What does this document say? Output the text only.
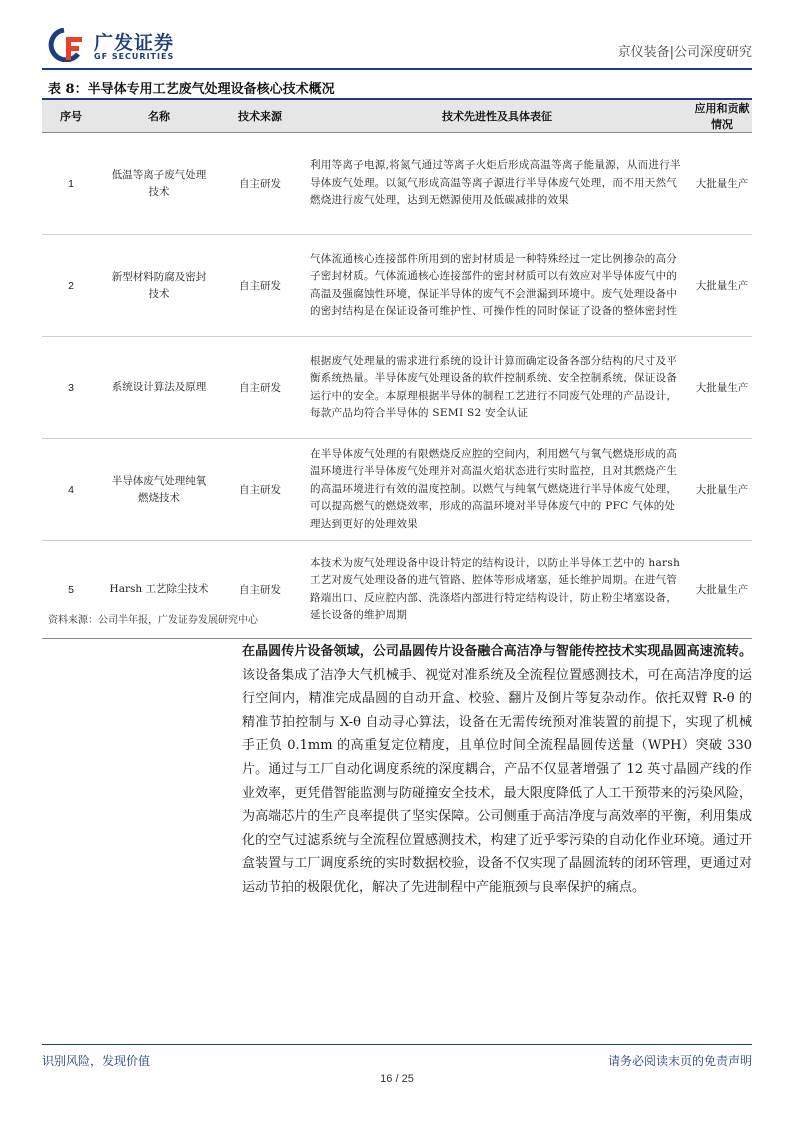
广发证券
GF SECURITIES	京仪装备|公司深度研究
表 8：半导体专用工艺废气处理设备核心技术概况
序号	名称	技术来源	技术先进性及具体表征	应用和贡献情况
1	低温等离子废气处理技术	自主研发	利用等离子电源,将氮气通过等离子火炬后形成高温等离子能量源，从而进行半导体废气处理。以氮气形成高温等离子源进行半导体废气处理，而不用天然气燃烧进行废气处理，达到无燃源使用及低碳减排的效果	大批量生产
2	新型材料防腐及密封技术	自主研发	气体流通核心连接部件所用到的密封材质是一种特殊经过一定比例掺杂的高分子密封材质。气体流通核心连接部件的密封材质可以有效应对半导体废气中的高温及强腐蚀性环境，保证半导体的废气不会泄漏到环境中。废气处理设备中的密封结构是在保证设备可维护性、可操作性的同时保证了设备的整体密封性	大批量生产
3	系统设计算法及原理	自主研发	根据废气处理量的需求进行系统的设计计算而确定设备各部分结构的尺寸及平衡系统热量。半导体废气处理设备的软件控制系统、安全控制系统，保证设备运行中的安全。本原理根据半导体的制程工艺进行不同废气处理的产品设计，每款产品均符合半导体的 SEMI S2 安全认证	大批量生产
4	半导体废气处理纯氧燃烧技术	自主研发	在半导体废气处理的有限燃烧反应腔的空间内，利用燃气与氧气燃烧形成的高温环境进行半导体废气处理并对高温火焰状态进行实时监控，且对其燃烧产生的高温环境进行有效的温度控制。以燃气与纯氧气燃烧进行半导体废气处理，可以提高燃气的燃烧效率，形成的高温环境对半导体废气中的 PFC 气体的处理达到更好的处理效果	大批量生产
5	Harsh 工艺除尘技术	自主研发	本技术为废气处理设备中设计特定的结构设计，以防止半导体工艺中的 harsh 工艺对废气处理设备的进气管路、腔体等形成堵塞，延长维护周期。在进气管路端出口、反应腔内部、洗涤塔内部进行特定结构设计，防止粉尘堵塞设备，延长设备的维护周期	大批量生产
资料来源：公司半年报，广发证券发展研究中心
在晶圆传片设备领域，公司晶圆传片设备融合高洁净与智能传控技术实现晶圆高速流转。该设备集成了洁净大气机械手、视觉对准系统及全流程位置感测技术，可在高洁净度的运行空间内，精准完成晶圆的自动开盒、校验、翻片及倒片等复杂动作。依托双臂 R-θ 的精准节拍控制与 X-θ 自动寻心算法，设备在无需传统预对准装置的前提下，实现了机械手正负 0.1mm 的高重复定位精度，且单位时间全流程晶圆传送量（WPH）突破 330 片。通过与工厂自动化调度系统的深度耦合，产品不仅显著增强了 12 英寸晶圆产线的作业效率，更凭借智能监测与防碰撞安全技术，最大限度降低了人工干预带来的污染风险，为高端芯片的生产良率提供了坚实保障。公司侧重于高洁净度与高效率的平衡，利用集成化的空气过滤系统与全流程位置感测技术，构建了近乎零污染的自动化作业环境。通过开盒装置与工厂调度系统的实时数据校验，设备不仅实现了晶圆流转的闭环管理，更通过对运动节拍的极限优化，解决了先进制程中产能瓶颈与良率保护的痛点。
识别风险，发现价值	请务必阅读末页的免责声明
16 / 25
